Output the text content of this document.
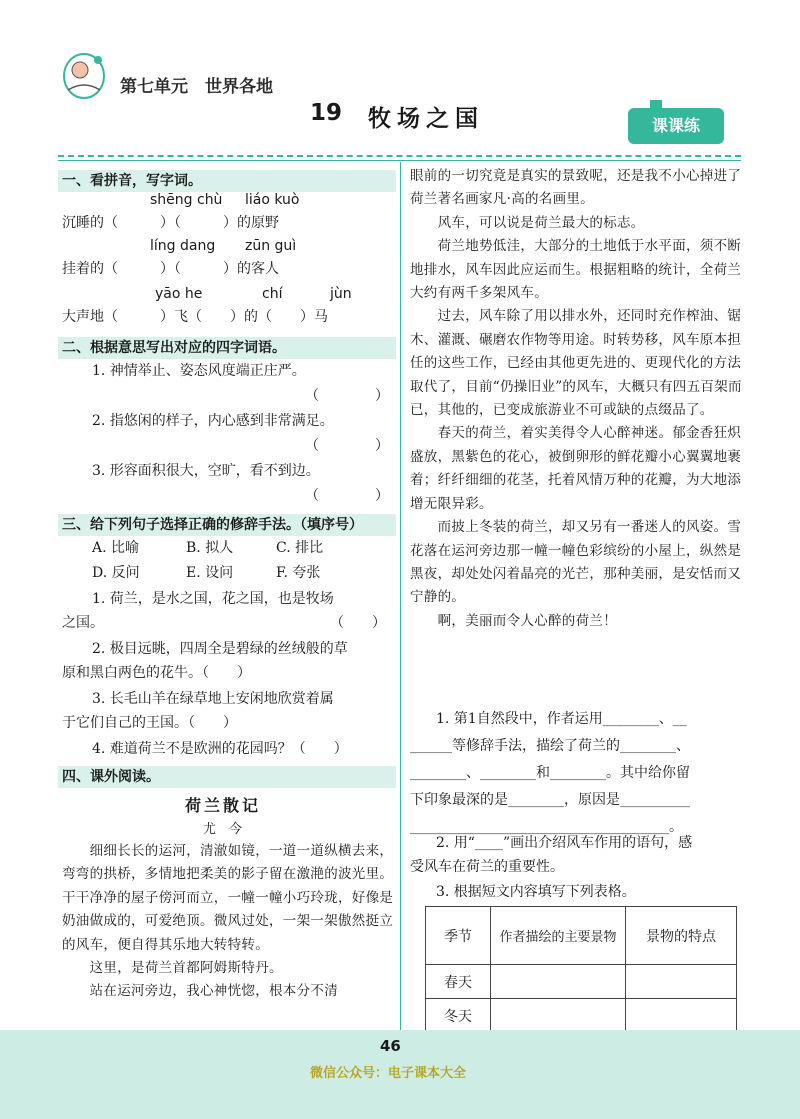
第七单元　世界各地
19 牧场之国	课课练
一、看拼音，写字词。
shēng chù liáo kuò
沉睡的（　　　）（　　　）的原野
líng dang zūn guì
挂着的（　　　）（　　　）的客人
yāo he	chí	jùn
大声地（　　　）飞（　　）的（　　）马
二、根据意思写出对应的四字词语。
1. 神情举止、姿态风度端正庄严。
（　　　　）
2. 指悠闲的样子，内心感到非常满足。
（　　　　）
3. 形容面积很大，空旷，看不到边。
（　　　　）
三、给下列句子选择正确的修辞手法。（填序号）
A. 比喻	B. 拟人	C. 排比
D. 反问	E. 设问	F. 夸张
1. 荷兰，是水之国，花之国，也是牧场
之国。	（　　）
2. 极目远眺，四周全是碧绿的丝绒般的草
原和黑白两色的花牛。（　　）
3. 长毛山羊在绿草地上安闲地欣赏着属
于它们自己的王国。（　　）
4. 难道荷兰不是欧洲的花园吗？（　　）
四、课外阅读。
荷兰散记
尤　今
　　细细长长的运河，清澈如镜，一道一道纵横去来，弯弯的拱桥，多情地把柔美的影子留在激滟的波光里。干干净净的屋子傍河而立，一幢一幢小巧玲珑，好像是奶油做成的，可爱绝顶。微风过处，一架一架傲然挺立的风车，便自得其乐地大转特转。
　　这里，是荷兰首都阿姆斯特丹。
　　站在运河旁边，我心神恍惚，根本分不清
眼前的一切究竟是真实的景致呢，还是我不小心掉进了荷兰著名画家凡·高的名画里。
　　风车，可以说是荷兰最大的标志。
　　荷兰地势低洼，大部分的土地低于水平面，须不断地排水，风车因此应运而生。根据粗略的统计，全荷兰大约有两千多架风车。
　　过去，风车除了用以排水外，还同时充作榨油、锯木、灌溉、碾磨农作物等用途。时转势移，风车原本担任的这些工作，已经由其他更先进的、更现代化的方法取代了，目前“仍操旧业”的风车，大概只有四五百架而已，其他的，已变成旅游业不可或缺的点缀品了。
　　春天的荷兰，着实美得令人心醉神迷。郁金香狂炽盛放，黑紫色的花心，被倒卵形的鲜花瓣小心翼翼地裹着；纤纤细细的花茎，托着风情万种的花瓣，为大地添增无限异彩。
　　而披上冬装的荷兰，却又另有一番迷人的风姿。雪花落在运河旁边那一幢一幢色彩缤纷的小屋上，纵然是黑夜，却处处闪着晶亮的光芒，那种美丽，是安恬而又宁静的。
　　啊，美丽而令人心醉的荷兰！
1. 第1自然段中，作者运用________、__
______等修辞手法，描绘了荷兰的________、
________、________和________。其中给你留
下印象最深的是________，原因是__________
_____________________________________。
2. 用“____”画出介绍风车作用的语句，感
受风车在荷兰的重要性。
3. 根据短文内容填写下列表格。
季节	作者描绘的主要景物	景物的特点
春天		
冬天		
46
微信公众号：电子课本大全
